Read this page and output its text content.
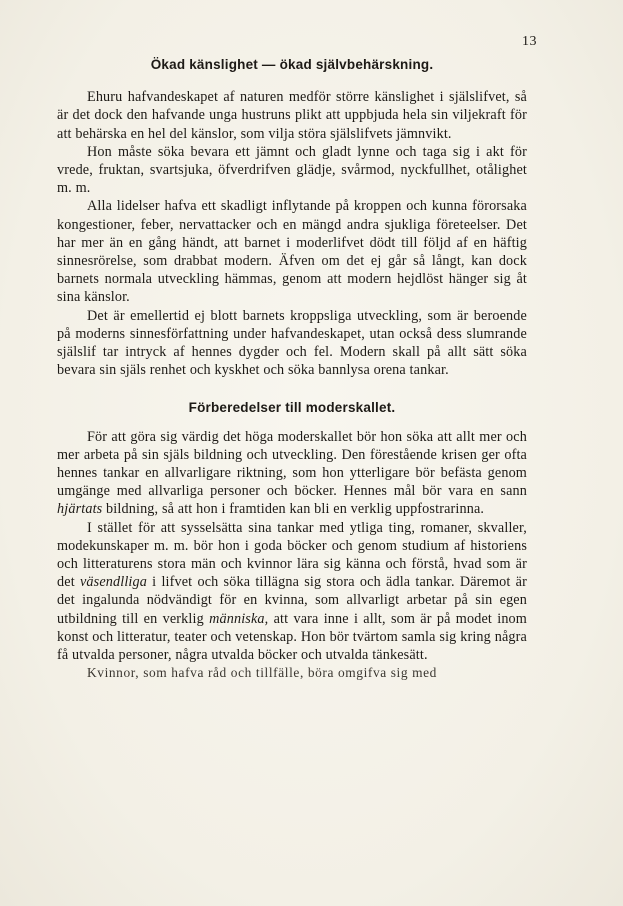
13
Ökad känslighet — ökad självbehärskning.

Ehuru hafvandeskapet af naturen medför större känslighet i själslifvet, så är det dock den hafvande unga hustruns plikt att uppbjuda hela sin viljekraft för att behärska en hel del känslor, som vilja störa själslifvets jämnvikt.

Hon måste söka bevara ett jämnt och gladt lynne och taga sig i akt för vrede, fruktan, svartsjuka, öfverdrifven glädje, svårmod, nyckfullhet, otålighet m. m.

Alla lidelser hafva ett skadligt inflytande på kroppen och kunna förorsaka kongestioner, feber, nervattacker och en mängd andra sjukliga företeelser. Det har mer än en gång händt, att barnet i moderlifvet dödt till följd af en häftig sinnesrörelse, som drabbat modern. Äfven om det ej går så långt, kan dock barnets normala utveckling hämmas, genom att modern hejdlöst hänger sig åt sina känslor.

Det är emellertid ej blott barnets kroppsliga utveckling, som är beroende på moderns sinnesförfattning under hafvandeskapet, utan också dess slumrande själslif tar intryck af hennes dygder och fel. Modern skall på allt sätt söka bevara sin själs renhet och kyskhet och söka bannlysa orena tankar.

Förberedelser till moderskallet.

För att göra sig värdig det höga moderskallet bör hon söka att allt mer och mer arbeta på sin själs bildning och utveckling. Den förestående krisen ger ofta hennes tankar en allvarligare riktning, som hon ytterligare bör befästa genom umgänge med allvarliga personer och böcker. Hennes mål bör vara en sann hjärtats bildning, så att hon i framtiden kan bli en verklig uppfostrarinna.

I stället för att sysselsätta sina tankar med ytliga ting, romaner, skvaller, modekunskaper m. m. bör hon i goda böcker och genom studium af historiens och litteraturens stora män och kvinnor lära sig känna och förstå, hvad som är det väsendlliga i lifvet och söka tillägna sig stora och ädla tankar. Däremot är det ingalunda nödvändigt för en kvinna, som allvarligt arbetar på sin egen utbildning till en verklig människa, att vara inne i allt, som är på modet inom konst och litteratur, teater och vetenskap. Hon bör tvärtom samla sig kring några få utvalda personer, några utvalda böcker och utvalda tänkesätt.

Kvinnor, som hafva råd och tillfälle, böra omgifva sig med
